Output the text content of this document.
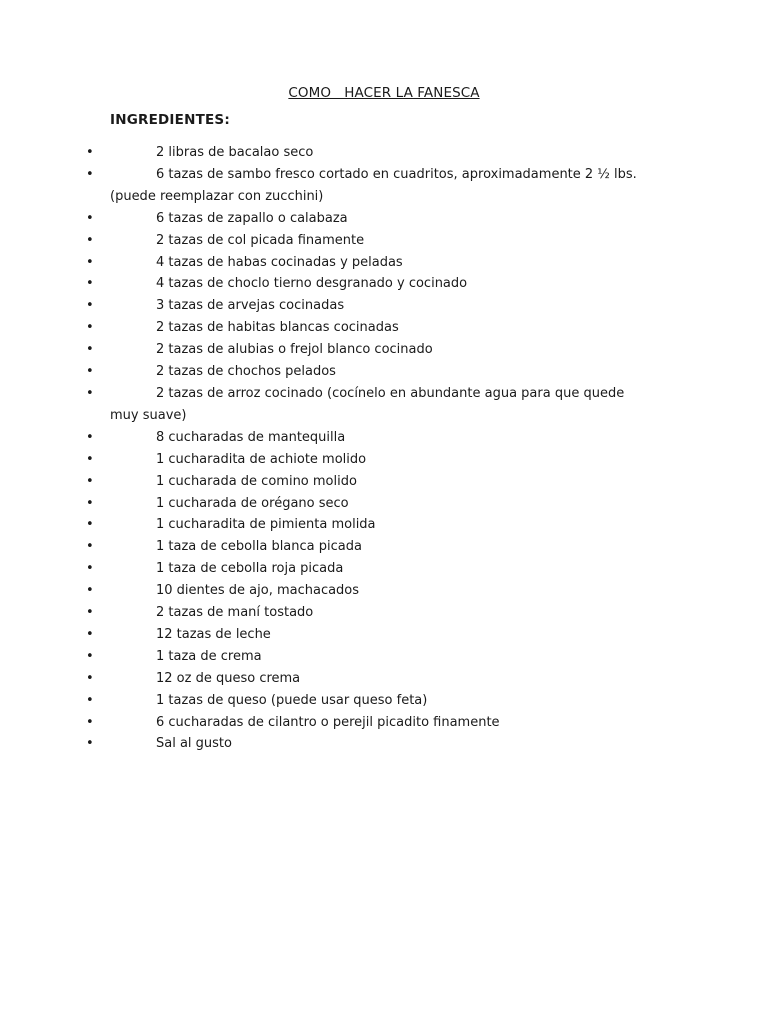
COMO   HACER LA FANESCA
INGREDIENTES:
•	2 libras de bacalao seco
•	6 tazas de sambo fresco cortado en cuadritos, aproximadamente 2 ½ lbs. (puede reemplazar con zucchini)
•	6 tazas de zapallo o calabaza
•	2 tazas de col picada finamente
•	4 tazas de habas cocinadas y peladas
•	4 tazas de choclo tierno desgranado y cocinado
•	3 tazas de arvejas cocinadas
•	2 tazas de habitas blancas cocinadas
•	2 tazas de alubias o frejol blanco cocinado
•	2 tazas de chochos pelados
•	2 tazas de arroz cocinado (cocínelo en abundante agua para que quede muy suave)
•	8 cucharadas de mantequilla
•	1 cucharadita de achiote molido
•	1 cucharada de comino molido
•	1 cucharada de orégano seco
•	1 cucharadita de pimienta molida
•	1 taza de cebolla blanca picada
•	1 taza de cebolla roja picada
•	10 dientes de ajo, machacados
•	2 tazas de maní tostado
•	12 tazas de leche
•	1 taza de crema
•	12 oz de queso crema
•	1 tazas de queso (puede usar queso feta)
•	6 cucharadas de cilantro o perejil picadito finamente
•	Sal al gusto
